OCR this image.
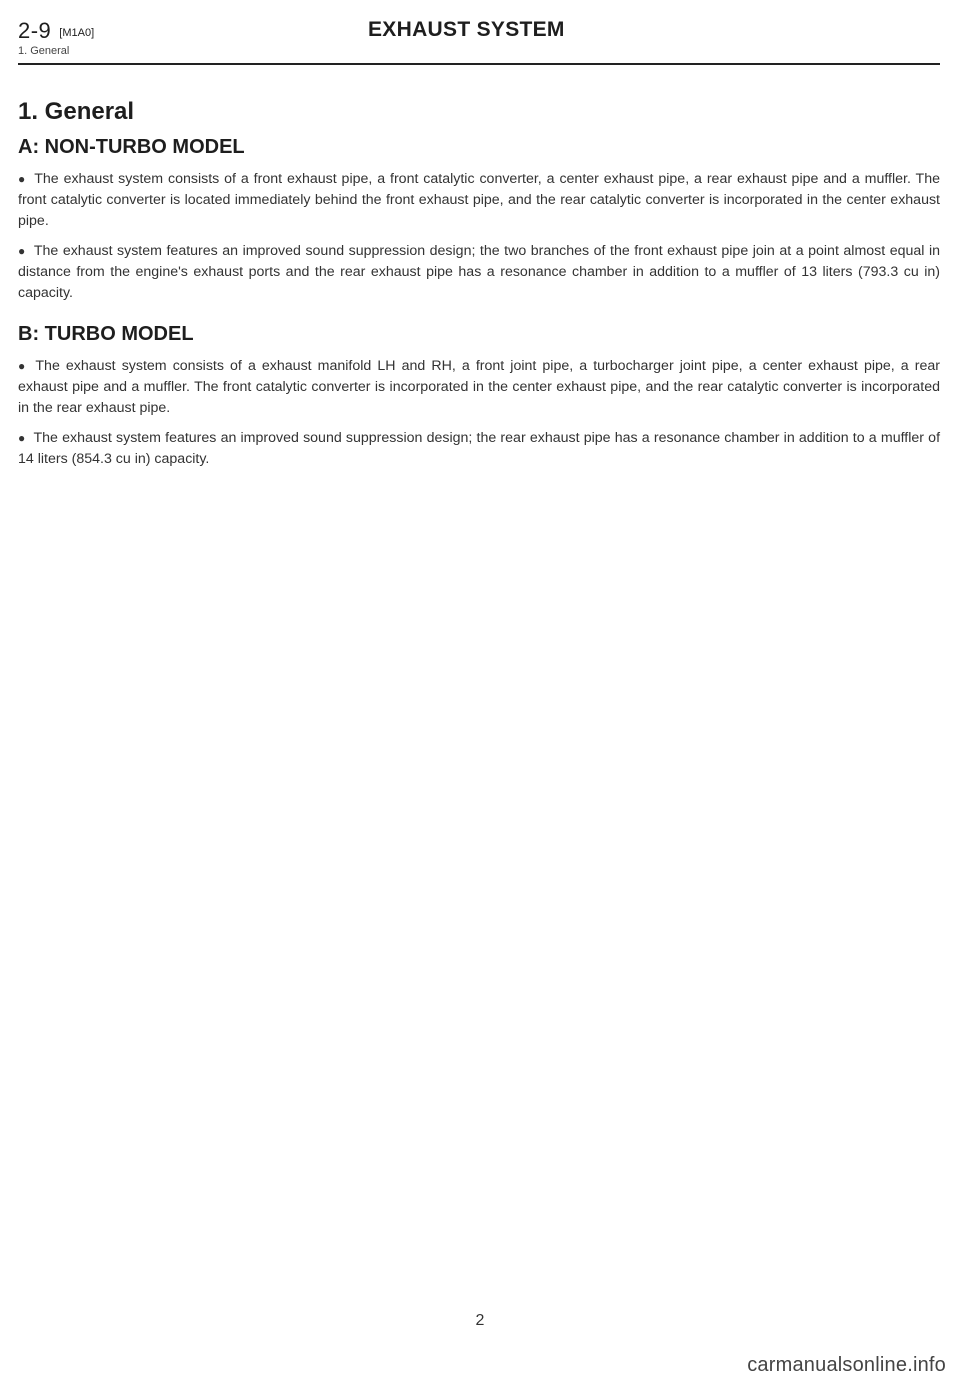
2-9 [M1A0]
1. General
EXHAUST SYSTEM
1. General
A: NON-TURBO MODEL

● The exhaust system consists of a front exhaust pipe, a front catalytic converter, a center exhaust pipe, a rear exhaust pipe and a muffler. The front catalytic converter is located immediately behind the front exhaust pipe, and the rear catalytic converter is incorporated in the center exhaust pipe.

● The exhaust system features an improved sound suppression design; the two branches of the front exhaust pipe join at a point almost equal in distance from the engine's exhaust ports and the rear exhaust pipe has a resonance chamber in addition to a muffler of 13 liters (793.3 cu in) capacity.

B: TURBO MODEL

● The exhaust system consists of a exhaust manifold LH and RH, a front joint pipe, a turbocharger joint pipe, a center exhaust pipe, a rear exhaust pipe and a muffler. The front catalytic converter is incorporated in the center exhaust pipe, and the rear catalytic converter is incorporated in the rear exhaust pipe.

● The exhaust system features an improved sound suppression design; the rear exhaust pipe has a resonance chamber in addition to a muffler of 14 liters (854.3 cu in) capacity.

2
carmanualsonline.info
